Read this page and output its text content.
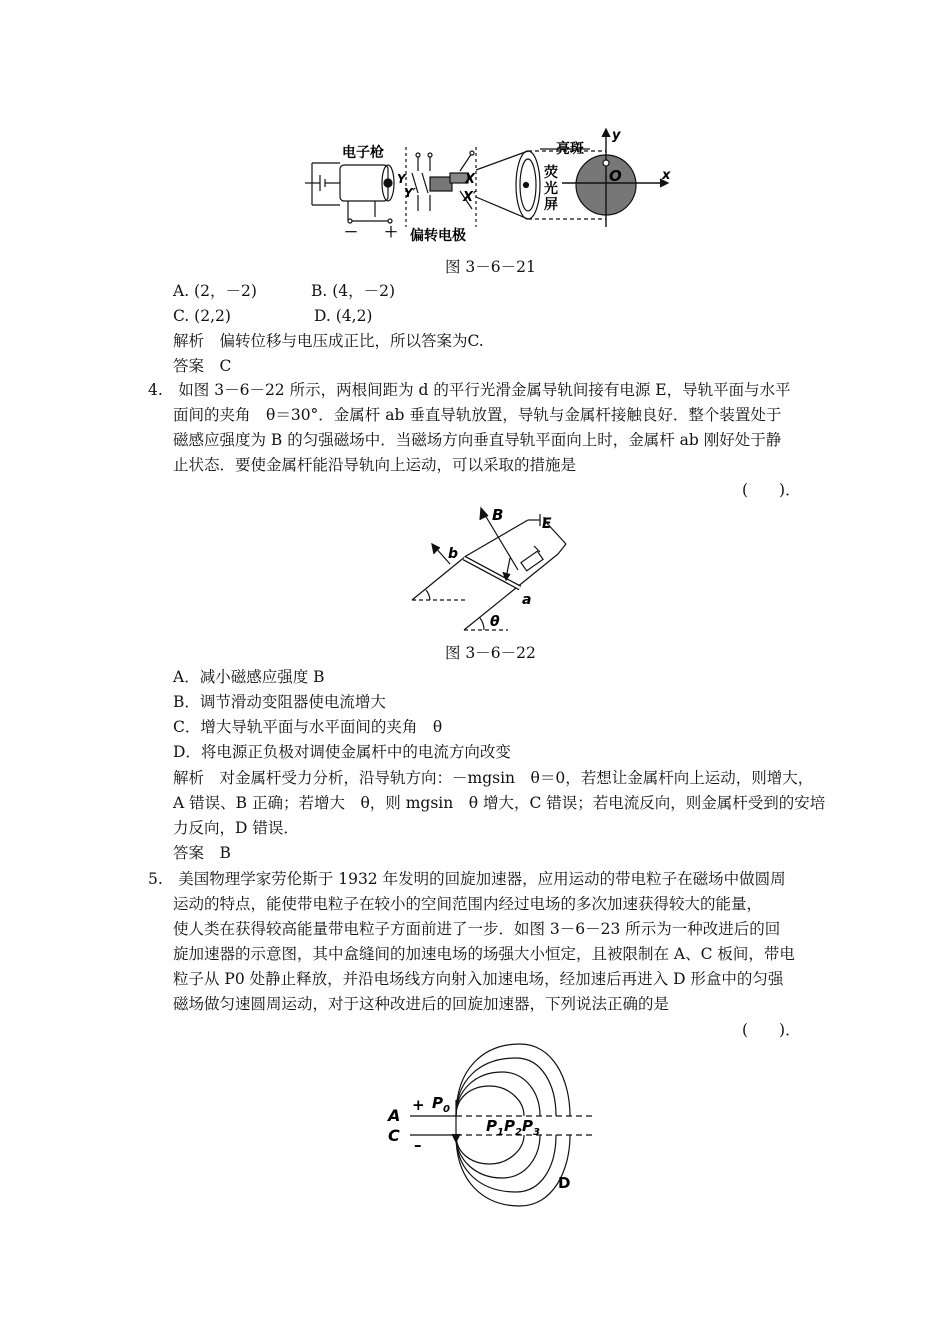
电子枪	亮斑
荧
光
屏
偏转电极
－ ＋
y
x
O
X
X′
Y
Y′
图 3－6－21
A. (2，－2)	B. (4，－2)
C. (2,2)	D. (4,2)
解析　偏转位移与电压成正比，所以答案为C.
答案　C
4.　如图 3－6－22 所示，两根间距为 d 的平行光滑金属导轨间接有电源 E，导轨平面与水平
面间的夹角　θ＝30°．金属杆 ab 垂直导轨放置，导轨与金属杆接触良好．整个装置处于
磁感应强度为 B 的匀强磁场中．当磁场方向垂直导轨平面向上时，金属杆 ab 刚好处于静
止状态．要使金属杆能沿导轨向上运动，可以采取的措施是
(　　)．
B	E
b
a
θ
图 3－6－22
A．减小磁感应强度 B
B．调节滑动变阻器使电流增大
C．增大导轨平面与水平面间的夹角　θ
D．将电源正负极对调使金属杆中的电流方向改变
解析　对金属杆受力分析，沿导轨方向：－mgsin　θ＝0，若想让金属杆向上运动，则增大，
A 错误、B 正确；若增大　θ，则 mgsin　θ 增大，C 错误；若电流反向，则金属杆受到的安培
力反向，D 错误．
答案　B
5.　美国物理学家劳伦斯于 1932 年发明的回旋加速器，应用运动的带电粒子在磁场中做圆周
运动的特点，能使带电粒子在较小的空间范围内经过电场的多次加速获得较大的能量，
使人类在获得较高能量带电粒子方面前进了一步．如图 3－6－23 所示为一种改进后的回
旋加速器的示意图，其中盒缝间的加速电场的场强大小恒定，且被限制在 A、C 板间，带电
粒子从 P0 处静止释放，并沿电场线方向射入加速电场，经加速后再进入 D 形盒中的匀强
磁场做匀速圆周运动，对于这种改进后的回旋加速器，下列说法正确的是
(　　)．
A
C
+
–
$P_0$
$P_1$ $P_2$ $P_3$
D
